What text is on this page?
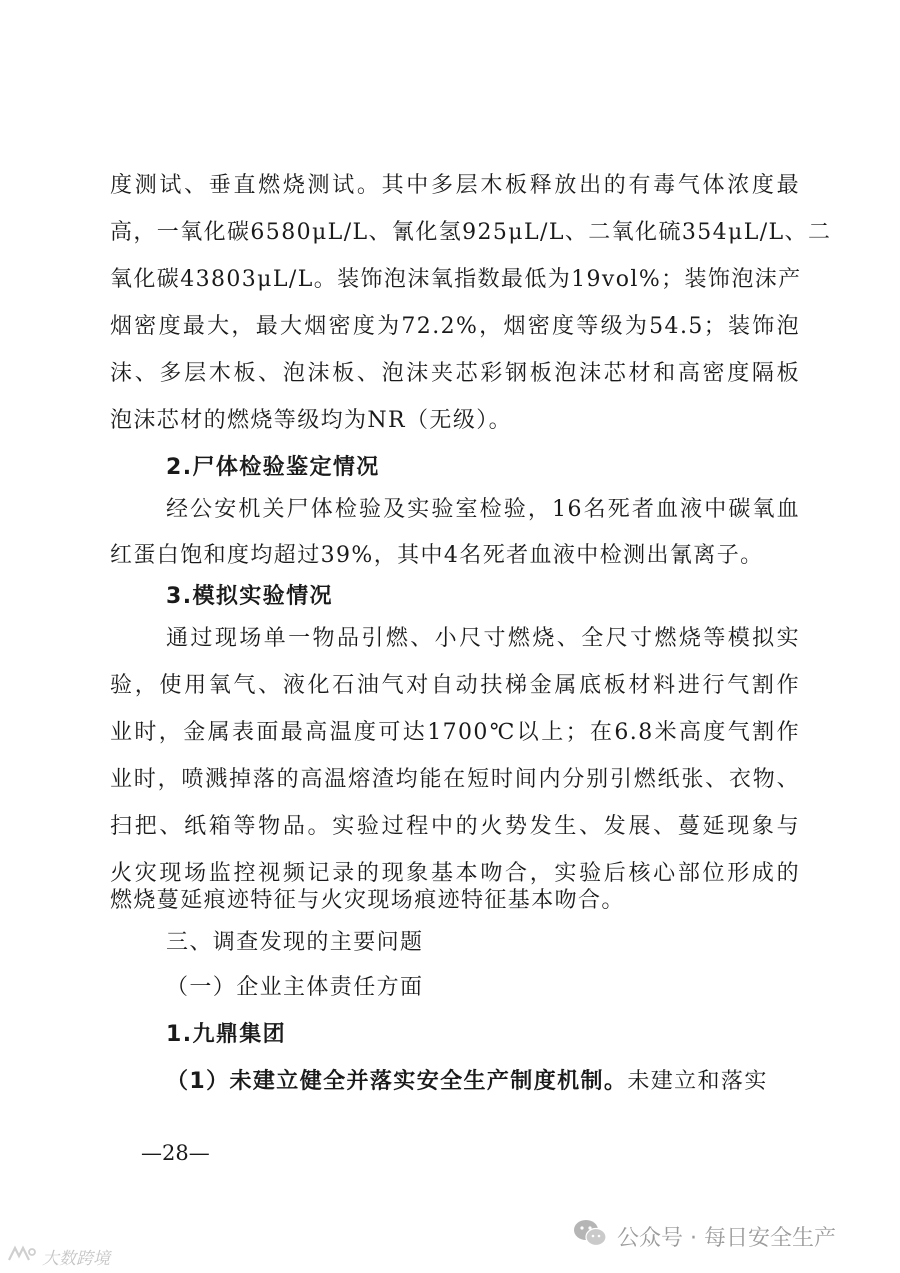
度测试、垂直燃烧测试。其中多层木板释放出的有毒气体浓度最
高，一氧化碳6580μL/L、氰化氢925μL/L、二氧化硫354μL/L、二
氧化碳43803μL/L。装饰泡沫氧指数最低为19vol%；装饰泡沫产
烟密度最大，最大烟密度为72.2%，烟密度等级为54.5；装饰泡
沫、多层木板、泡沫板、泡沫夹芯彩钢板泡沫芯材和高密度隔板
泡沫芯材的燃烧等级均为NR（无级）。
2.尸体检验鉴定情况
经公安机关尸体检验及实验室检验，16名死者血液中碳氧血
红蛋白饱和度均超过39%，其中4名死者血液中检测出氰离子。
3.模拟实验情况
通过现场单一物品引燃、小尺寸燃烧、全尺寸燃烧等模拟实
验，使用氧气、液化石油气对自动扶梯金属底板材料进行气割作
业时，金属表面最高温度可达1700℃以上；在6.8米高度气割作
业时，喷溅掉落的高温熔渣均能在短时间内分别引燃纸张、衣物、
扫把、纸箱等物品。实验过程中的火势发生、发展、蔓延现象与
火灾现场监控视频记录的现象基本吻合，实验后核心部位形成的
燃烧蔓延痕迹特征与火灾现场痕迹特征基本吻合。
三、调查发现的主要问题
（一）企业主体责任方面
1.九鼎集团
（1）未建立健全并落实安全生产制度机制。未建立和落实
—28—
公众号 · 每日安全生产
大数跨境
